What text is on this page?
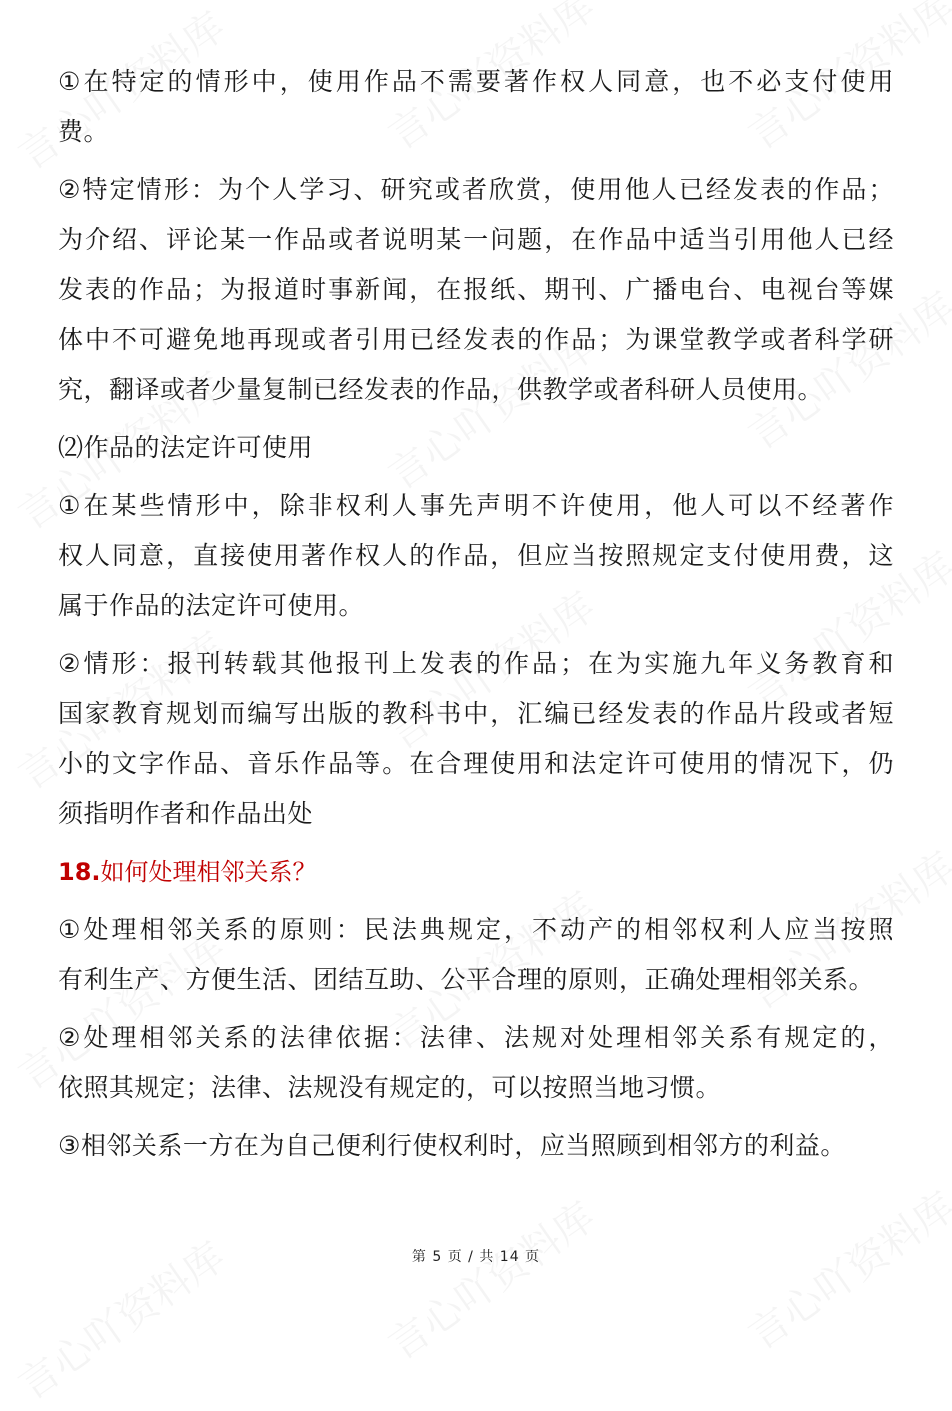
①在特定的情形中，使用作品不需要著作权人同意，也不必支付使用
费。
②特定情形：为个人学习、研究或者欣赏，使用他人已经发表的作品；
为介绍、评论某一作品或者说明某一问题，在作品中适当引用他人已经
发表的作品；为报道时事新闻，在报纸、期刊、广播电台、电视台等媒
体中不可避免地再现或者引用已经发表的作品；为课堂教学或者科学研
究，翻译或者少量复制已经发表的作品，供教学或者科研人员使用。
⑵作品的法定许可使用
①在某些情形中，除非权利人事先声明不许使用，他人可以不经著作
权人同意，直接使用著作权人的作品，但应当按照规定支付使用费，这
属于作品的法定许可使用。
②情形：报刊转载其他报刊上发表的作品；在为实施九年义务教育和
国家教育规划而编写出版的教科书中，汇编已经发表的作品片段或者短
小的文字作品、音乐作品等。在合理使用和法定许可使用的情况下，仍
须指明作者和作品出处
18.如何处理相邻关系？
①处理相邻关系的原则：民法典规定，不动产的相邻权利人应当按照
有利生产、方便生活、团结互助、公平合理的原则，正确处理相邻关系。
②处理相邻关系的法律依据：法律、法规对处理相邻关系有规定的，
依照其规定；法律、法规没有规定的，可以按照当地习惯。
③相邻关系一方在为自己便利行使权利时，应当照顾到相邻方的利益。
第 5 页 / 共 14 页
